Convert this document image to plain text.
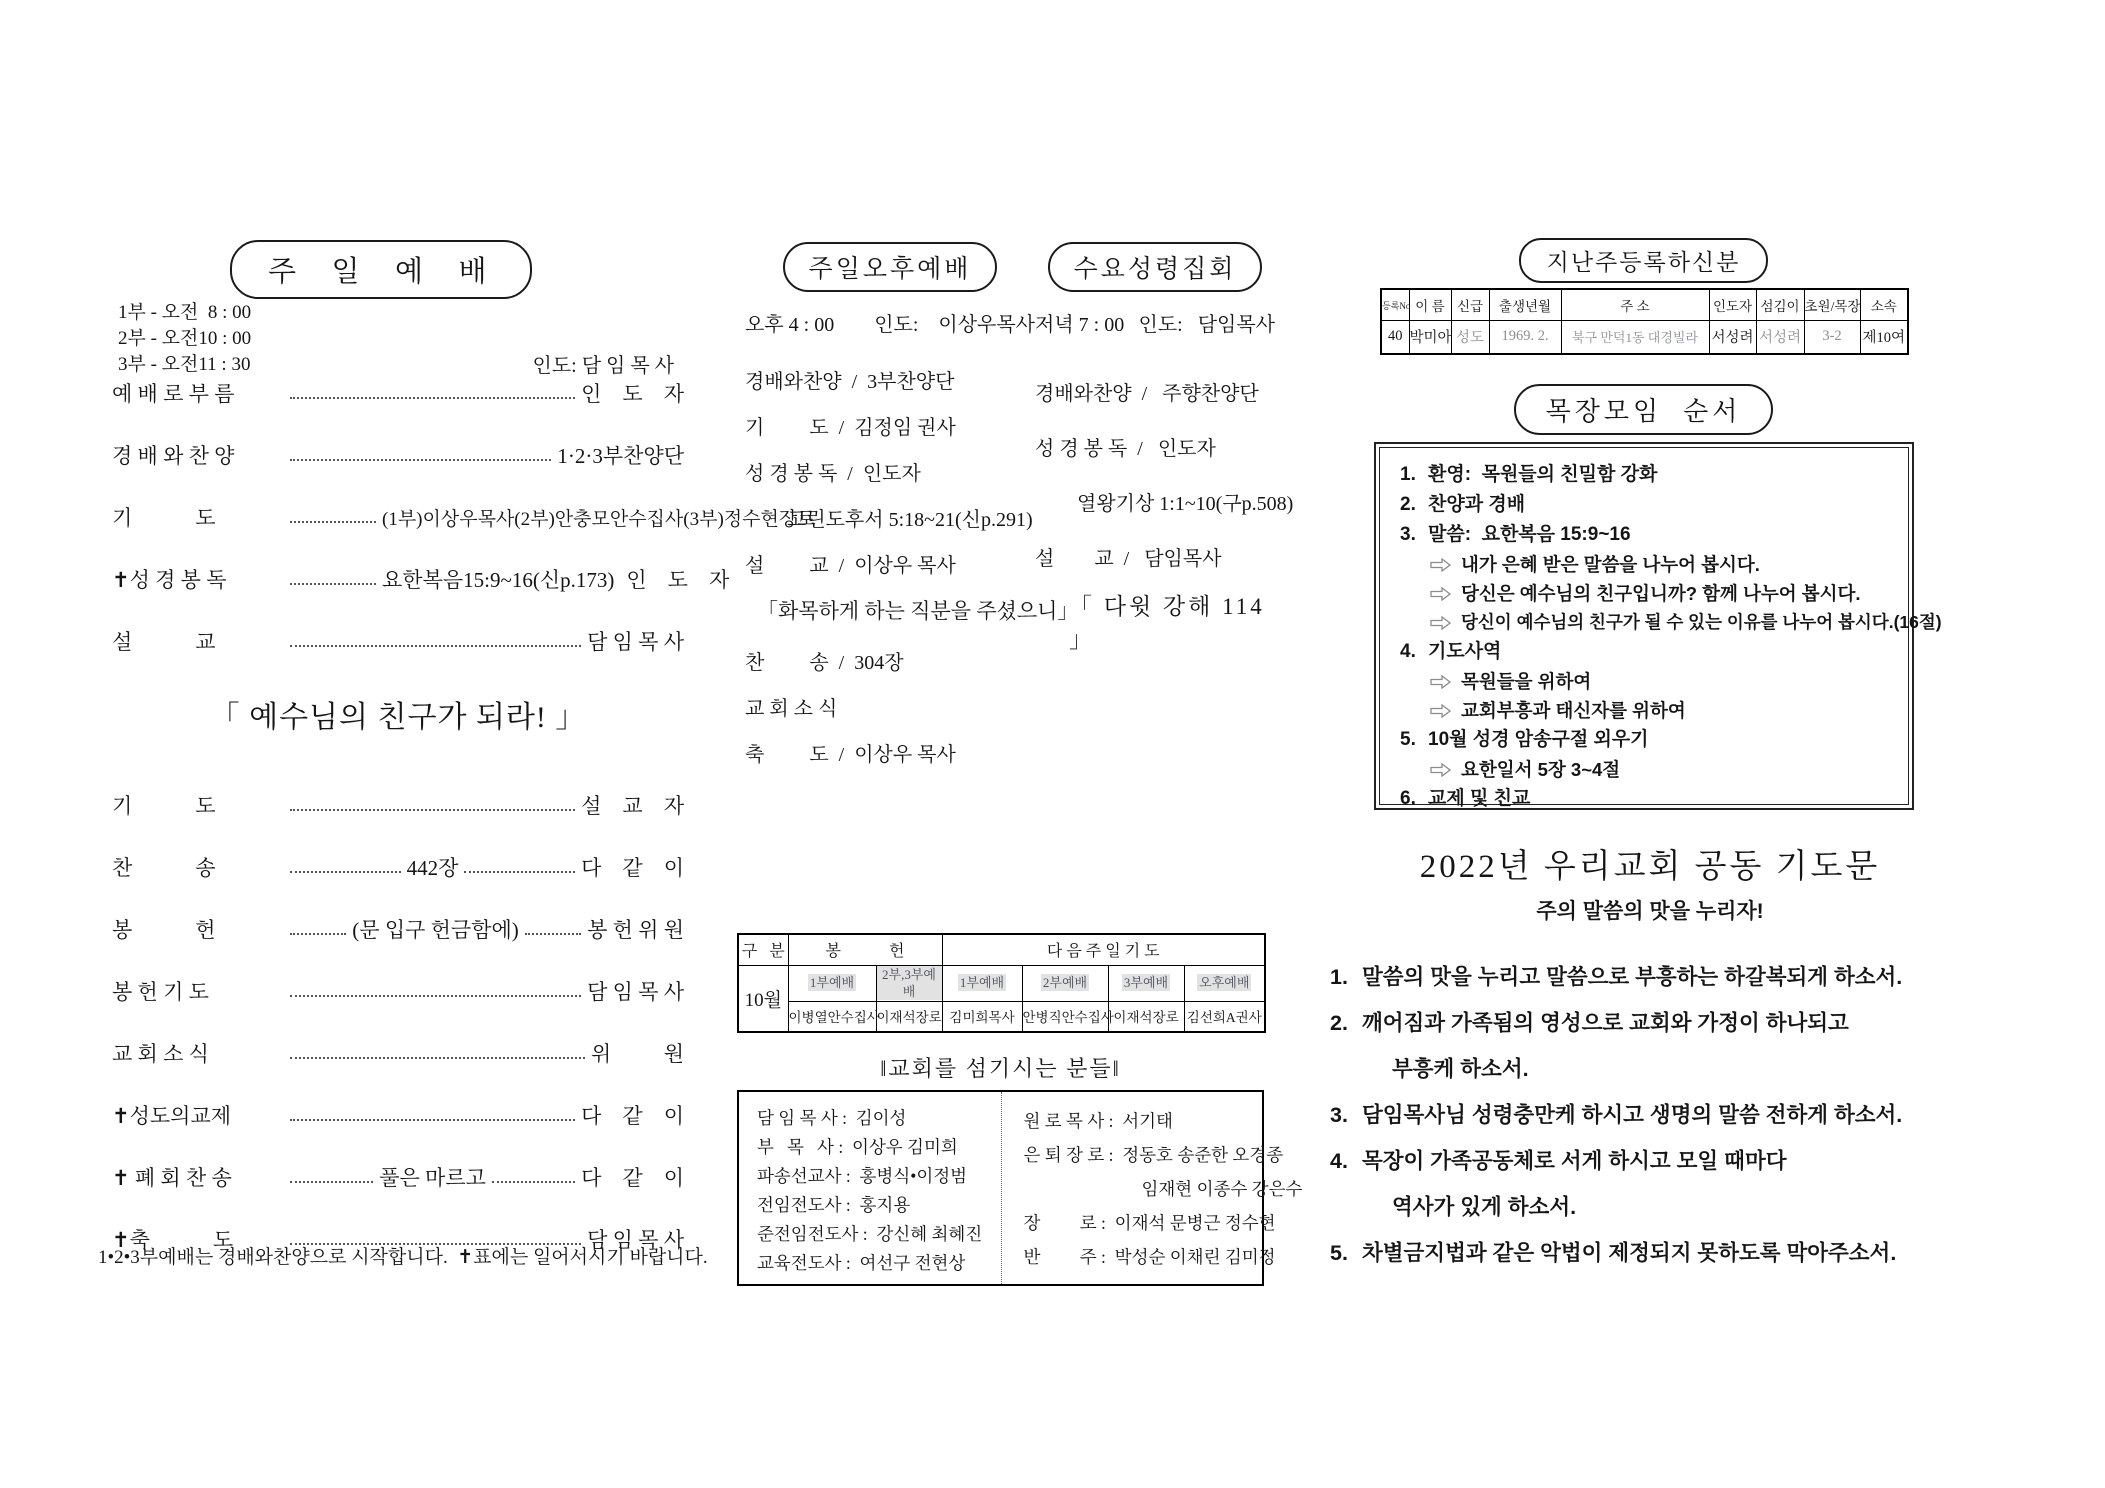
주  일  예  배
1부 - 오전  8 : 00
2부 - 오전10 : 00
3부 - 오전11 : 30	인도: 담 임 목 사
예 배 로 부 름	인    도    자
경 배 와 찬 양	1·2·3부찬양단
기            도	(1부)이상우목사(2부)안충모안수집사(3부)정수현장로
✝성 경 봉 독	요한복음15:9~16(신p.173) 인    도    자
설            교	담 임 목 사
「 예수님의 친구가 되라! 」
기            도	설    교    자
찬            송	442장	다    같    이
봉            헌	(문 입구 헌금함에)	봉 헌 위 원
봉 헌 기 도	담 임 목 사
교 회 소 식	위          원
✝성도의교제	다    같    이
✝ 폐 회 찬 송	풀은 마르고	다    같    이
✝축            도	담 임 목 사
1•2•3부예배는 경배와찬양으로 시작합니다.  ✝표에는 일어서시기 바랍니다.
주일오후예배
오후 4 : 00 인도:    이상우목사
경배와찬양  /  3부찬양단
기         도  /  김정임 권사
성 경 봉 독  /  인도자
고린도후서 5:18~21(신p.291)
설         교  /  이상우 목사
「화목하게 하는 직분을 주셨으니」
찬         송  /  304장
교 회 소 식
축         도  /  이상우 목사
수요성령집회
저녁 7 : 00 인도:   담임목사
경배와찬양  /   주향찬양단
성 경 봉 독  /   인도자
열왕기상 1:1~10(구p.508)
설        교  /   담임목사
「 다윗 강해 114 」
구   분	봉            헌		다 음 주 일 기 도			
10월	1부예배	2부,3부예배	1부예배	2부예배	3부예배	오후예배
	이병열안수집사	이재석장로	김미희목사	안병직안수집사	이재석장로	김선희A권사
‖교회를 섬기시는 분들‖
담 임 목 사 :  김이성
부   목   사 :  이상우 김미희
파송선교사 :  홍병식•이정범
전임전도사 :  홍지용
준전임전도사 :  강신혜 최혜진
교육전도사 :  여선구 전현상
원 로 목 사 :  서기태
은 퇴 장 로 :  정동호 송준한 오경종
임재현 이종수 강은수
장         로 :  이재석 문병근 정수현
반         주 :  박성순 이채린 김미정
지난주등록하신분
등록No	이 름	신급	출생년월	주 소	인도자	섬김이	초원/목장	소속
40	박미아	성도	1969. 2.	북구 만덕1동 대경빌라	서성려	서성려	3-2	제10여
목장모임  순서
1. 환영:  목원들의 친밀함 강화
2. 찬양과 경배
3. 말씀:  요한복음 15:9~16
내가 은혜 받은 말씀을 나누어 봅시다.
당신은 예수님의 친구입니까? 함께 나누어 봅시다.
당신이 예수님의 친구가 될 수 있는 이유를 나누어 봅시다.(16절)
4. 기도사역
목원들을 위하여
교회부흥과 태신자를 위하여
5. 10월 성경 암송구절 외우기
요한일서 5장 3~4절
6. 교제 및 친교
2022년 우리교회 공동 기도문
주의 말씀의 맛을 누리자!
1. 말씀의 맛을 누리고 말씀으로 부흥하는 하갈복되게 하소서.
2. 깨어짐과 가족됨의 영성으로 교회와 가정이 하나되고
부흥케 하소서.
3. 담임목사님 성령충만케 하시고 생명의 말씀 전하게 하소서.
4. 목장이 가족공동체로 서게 하시고 모일 때마다
역사가 있게 하소서.
5. 차별금지법과 같은 악법이 제정되지 못하도록 막아주소서.
